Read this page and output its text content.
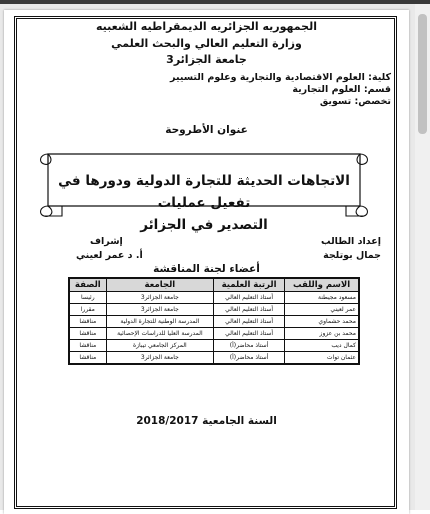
الجمهوريه الجزائريه الديمقراطيه الشعبيه
وزارة التعليم العالي والبحث العلمي
جامعة الجزائر3
كلية: العلوم الاقتصادية والتجارية وعلوم التسيير
قسم: العلوم التجارية
تخصص: تسويق
عنوان الأطروحة
الاتجاهات الحديثة للتجارة الدولية ودورها في تفعيل عمليات
التصدير في الجزائر
إعداد الطالب
جمال بوتلجة
إشراف
أ. د عمر لعيني
أعضاء لجنة المناقشة
الاسم واللقب	الرتبة العلمية	الجامعة	الصفة
مسعود مجيطنة	أستاذ التعليم العالي	جامعة الجزائر3	رئيسا
عمر لعيني	أستاذ التعليم العالي	جامعة الجزائر3	مقررا
محمد حشماوي	أستاذ التعليم العالي	المدرسة الوطنية للتجارة الدولية	مناقشا
محمد بن عزوز	أستاذ التعليم العالي	المدرسة العليا للدراسات الإحصائية	مناقشا
كمال ديب	أستاذ محاضر(أ)	المركز الجامعي تيبازة	مناقشا
عثمان توات	أستاذ محاضر(أ)	جامعة الجزائر3	مناقشا
السنة الجامعية 2018/2017
